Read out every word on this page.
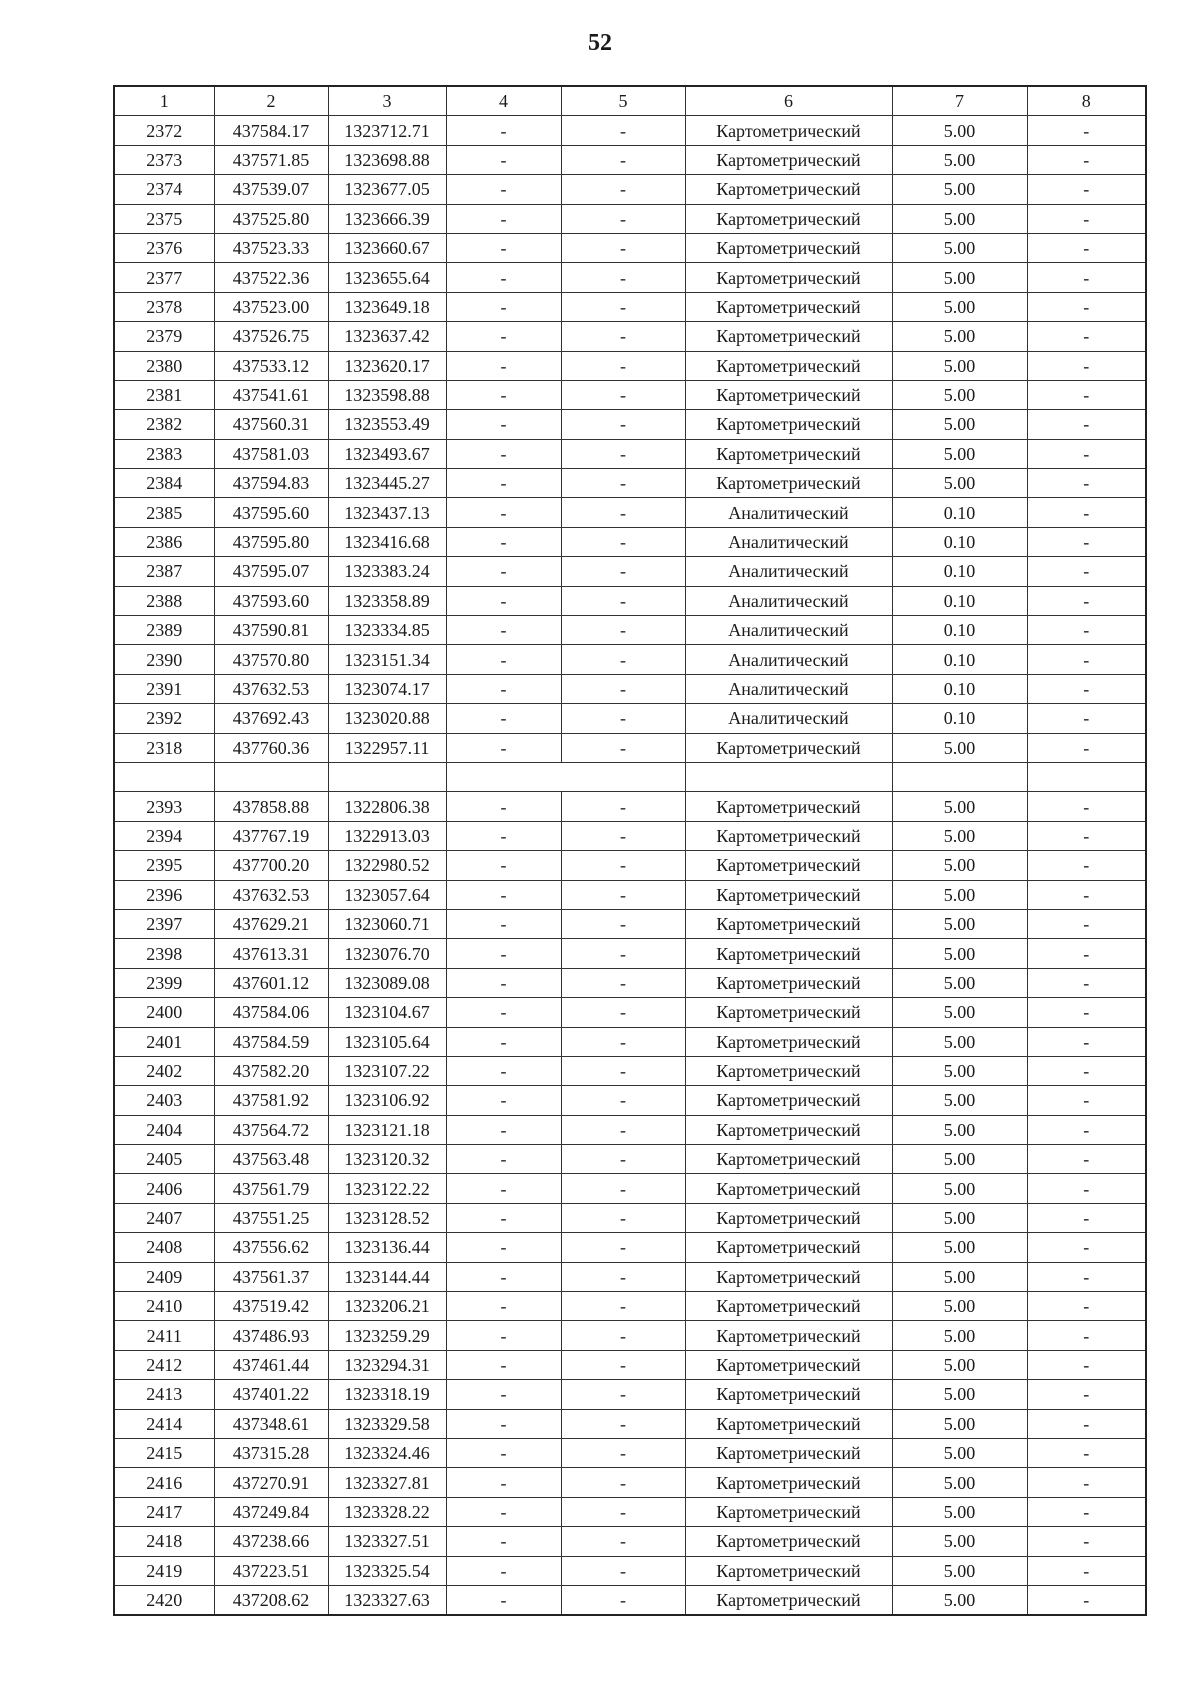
52
1	2	3	4	5	6	7	8
2372	437584.17	1323712.71	-	-	Картометрический	5.00	-
2373	437571.85	1323698.88	-	-	Картометрический	5.00	-
2374	437539.07	1323677.05	-	-	Картометрический	5.00	-
2375	437525.80	1323666.39	-	-	Картометрический	5.00	-
2376	437523.33	1323660.67	-	-	Картометрический	5.00	-
2377	437522.36	1323655.64	-	-	Картометрический	5.00	-
2378	437523.00	1323649.18	-	-	Картометрический	5.00	-
2379	437526.75	1323637.42	-	-	Картометрический	5.00	-
2380	437533.12	1323620.17	-	-	Картометрический	5.00	-
2381	437541.61	1323598.88	-	-	Картометрический	5.00	-
2382	437560.31	1323553.49	-	-	Картометрический	5.00	-
2383	437581.03	1323493.67	-	-	Картометрический	5.00	-
2384	437594.83	1323445.27	-	-	Картометрический	5.00	-
2385	437595.60	1323437.13	-	-	Аналитический	0.10	-
2386	437595.80	1323416.68	-	-	Аналитический	0.10	-
2387	437595.07	1323383.24	-	-	Аналитический	0.10	-
2388	437593.60	1323358.89	-	-	Аналитический	0.10	-
2389	437590.81	1323334.85	-	-	Аналитический	0.10	-
2390	437570.80	1323151.34	-	-	Аналитический	0.10	-
2391	437632.53	1323074.17	-	-	Аналитический	0.10	-
2392	437692.43	1323020.88	-	-	Аналитический	0.10	-
2318	437760.36	1322957.11	-	-	Картометрический	5.00	-

2393	437858.88	1322806.38	-	-	Картометрический	5.00	-
2394	437767.19	1322913.03	-	-	Картометрический	5.00	-
2395	437700.20	1322980.52	-	-	Картометрический	5.00	-
2396	437632.53	1323057.64	-	-	Картометрический	5.00	-
2397	437629.21	1323060.71	-	-	Картометрический	5.00	-
2398	437613.31	1323076.70	-	-	Картометрический	5.00	-
2399	437601.12	1323089.08	-	-	Картометрический	5.00	-
2400	437584.06	1323104.67	-	-	Картометрический	5.00	-
2401	437584.59	1323105.64	-	-	Картометрический	5.00	-
2402	437582.20	1323107.22	-	-	Картометрический	5.00	-
2403	437581.92	1323106.92	-	-	Картометрический	5.00	-
2404	437564.72	1323121.18	-	-	Картометрический	5.00	-
2405	437563.48	1323120.32	-	-	Картометрический	5.00	-
2406	437561.79	1323122.22	-	-	Картометрический	5.00	-
2407	437551.25	1323128.52	-	-	Картометрический	5.00	-
2408	437556.62	1323136.44	-	-	Картометрический	5.00	-
2409	437561.37	1323144.44	-	-	Картометрический	5.00	-
2410	437519.42	1323206.21	-	-	Картометрический	5.00	-
2411	437486.93	1323259.29	-	-	Картометрический	5.00	-
2412	437461.44	1323294.31	-	-	Картометрический	5.00	-
2413	437401.22	1323318.19	-	-	Картометрический	5.00	-
2414	437348.61	1323329.58	-	-	Картометрический	5.00	-
2415	437315.28	1323324.46	-	-	Картометрический	5.00	-
2416	437270.91	1323327.81	-	-	Картометрический	5.00	-
2417	437249.84	1323328.22	-	-	Картометрический	5.00	-
2418	437238.66	1323327.51	-	-	Картометрический	5.00	-
2419	437223.51	1323325.54	-	-	Картометрический	5.00	-
2420	437208.62	1323327.63	-	-	Картометрический	5.00	-
